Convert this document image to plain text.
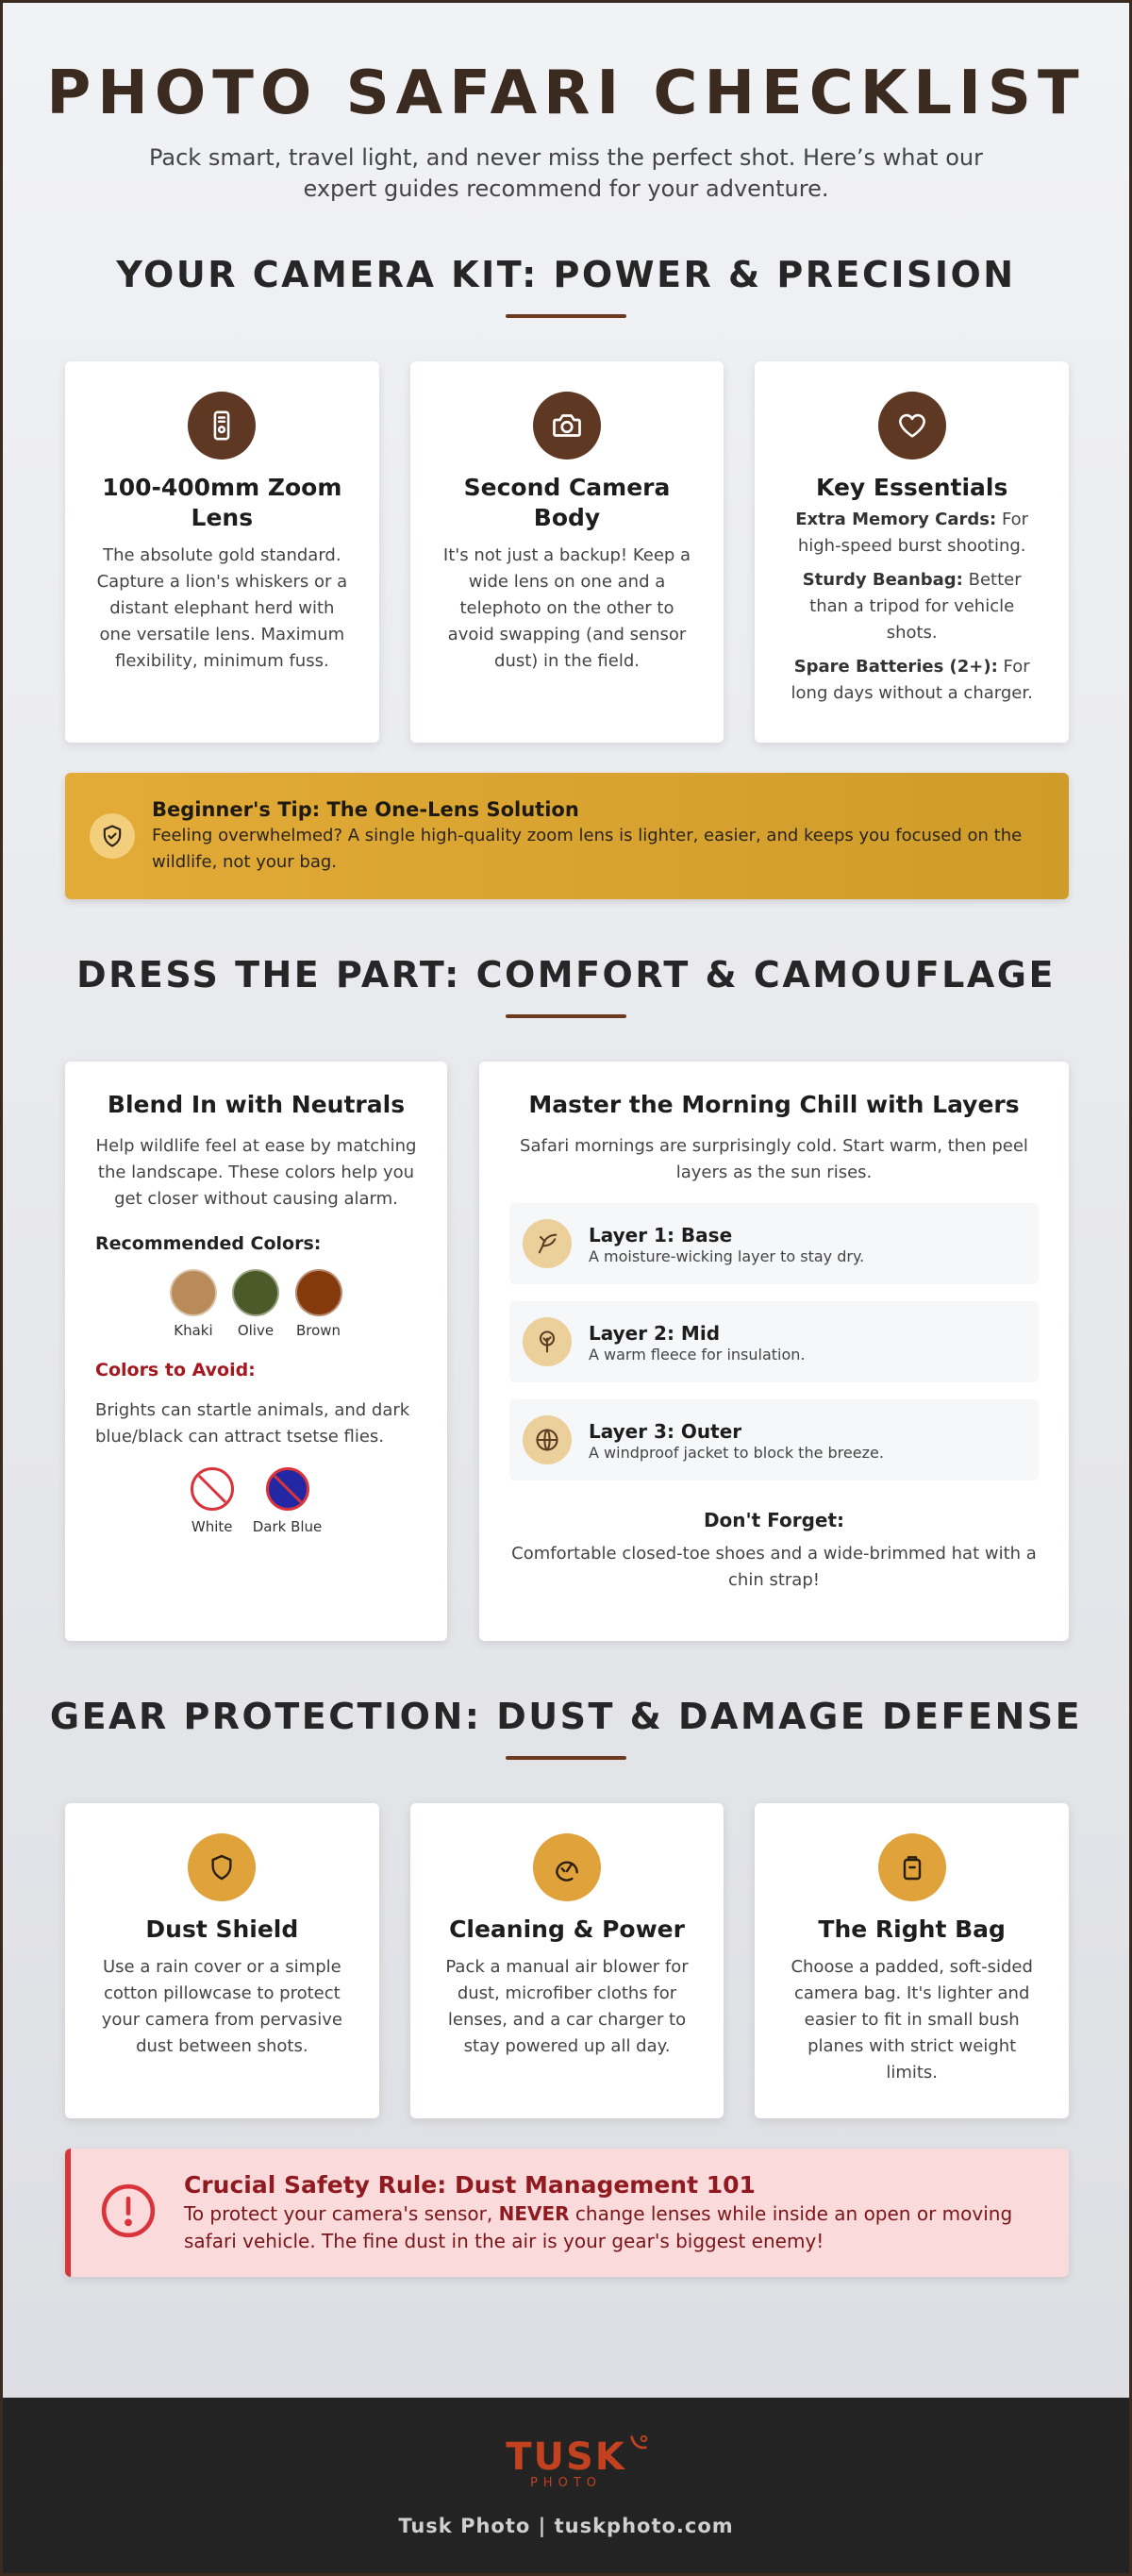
PHOTO SAFARI CHECKLIST

Pack smart, travel light, and never miss the perfect shot. Here’s what our expert guides recommend for your adventure.

YOUR CAMERA KIT: POWER & PRECISION
100-400mm Zoom Lens

The absolute gold standard. Capture a lion's whiskers or a distant elephant herd with one versatile lens. Maximum flexibility, minimum fuss.

Second Camera Body

It's not just a backup! Keep a wide lens on one and a telephoto on the other to avoid swapping (and sensor dust) in the field.

Key Essentials

Extra Memory Cards: For high-speed burst shooting.

Sturdy Beanbag: Better than a tripod for vehicle shots.

Spare Batteries (2+): For long days without a charger.

Beginner's Tip: The One-Lens Solution

Feeling overwhelmed? A single high-quality zoom lens is lighter, easier, and keeps you focused on the wildlife, not your bag.

DRESS THE PART: COMFORT & CAMOUFLAGE
Blend In with Neutrals

Help wildlife feel at ease by matching the landscape. These colors help you get closer without causing alarm.

Recommended Colors:
Khaki Olive Brown
Colors to Avoid:

Brights can startle animals, and dark blue/black can attract tsetse flies.

White Dark Blue
Master the Morning Chill with Layers

Safari mornings are surprisingly cold. Start warm, then peel layers as the sun rises.

Layer 1: Base
A moisture-wicking layer to stay dry.
Layer 2: Mid
A warm fleece for insulation.
Layer 3: Outer
A windproof jacket to block the breeze.
Don't Forget:

Comfortable closed-toe shoes and a wide-brimmed hat with a chin strap!

GEAR PROTECTION: DUST & DAMAGE DEFENSE
Dust Shield

Use a rain cover or a simple cotton pillowcase to protect your camera from pervasive dust between shots.

Cleaning & Power

Pack a manual air blower for dust, microfiber cloths for lenses, and a car charger to stay powered up all day.

The Right Bag

Choose a padded, soft-sided camera bag. It's lighter and easier to fit in small bush planes with strict weight limits.

Crucial Safety Rule: Dust Management 101

To protect your camera's sensor, NEVER change lenses while inside an open or moving safari vehicle. The fine dust in the air is your gear's biggest enemy!

TUSK
PHOTO
Tusk Photo | tuskphoto.com
